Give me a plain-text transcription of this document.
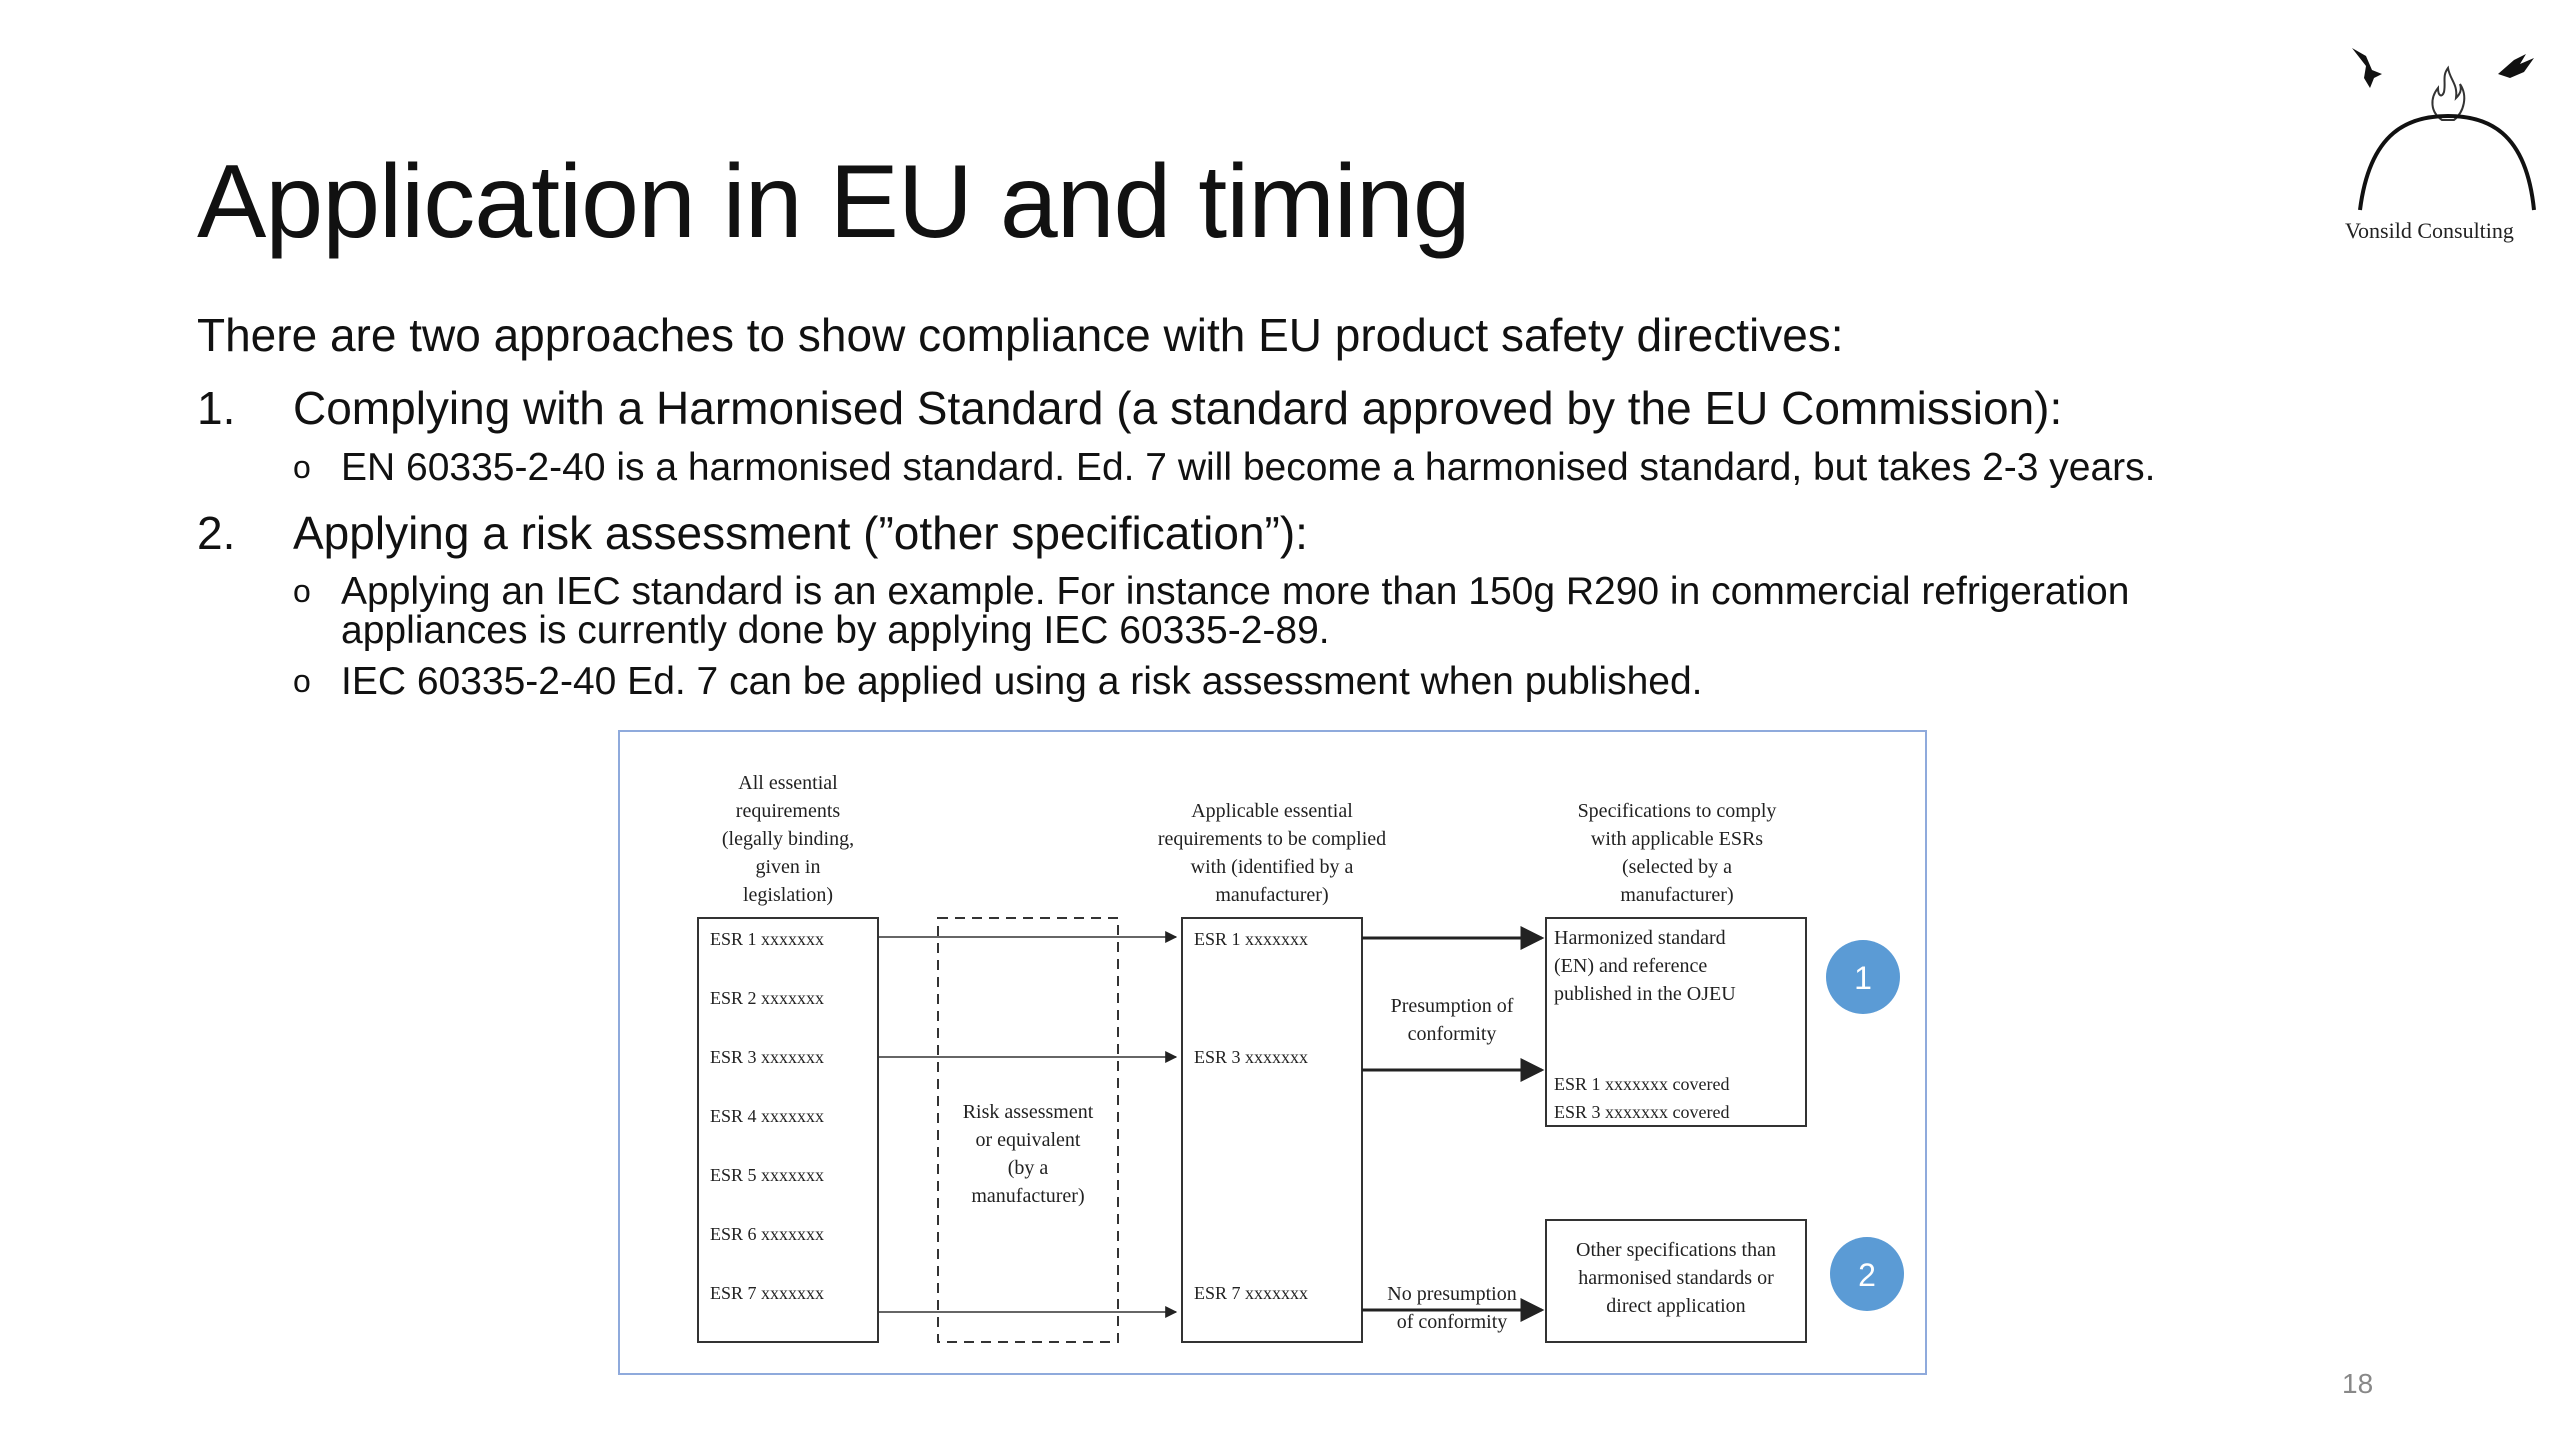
Application in EU and timing
There are two approaches to show compliance with EU product safety directives:
1. Complying with a Harmonised Standard (a standard approved by the EU Commission):
o EN 60335-2-40 is a harmonised standard. Ed. 7 will become a harmonised standard, but takes 2-3 years.
2. Applying a risk assessment (”other specification”):
o Applying an IEC standard is an example. For instance more than 150g R290 in commercial refrigeration appliances is currently done by applying IEC 60335-2-89.
o IEC 60335-2-40 Ed. 7 can be applied using a risk assessment when published.
Vonsild Consulting
All essential
requirements
(legally binding,
given in
legislation)
ESR 1 xxxxxxx
ESR 2 xxxxxxx
ESR 3 xxxxxxx
ESR 4 xxxxxxx
ESR 5 xxxxxxx
ESR 6 xxxxxxx
ESR 7 xxxxxxx
Risk assessment
or equivalent
(by a
manufacturer)
Applicable essential
requirements to be complied
with (identified by a
manufacturer)
ESR 1 xxxxxxx
ESR 3 xxxxxxx
ESR 7 xxxxxxx
Presumption of
conformity
No presumption
of conformity
Specifications to comply
with applicable ESRs
(selected by a
manufacturer)
Harmonized standard
(EN) and reference
published in the OJEU
ESR 1 xxxxxxx covered
ESR 3 xxxxxxx covered
Other specifications than
harmonised standards or
direct application
1
2
18
